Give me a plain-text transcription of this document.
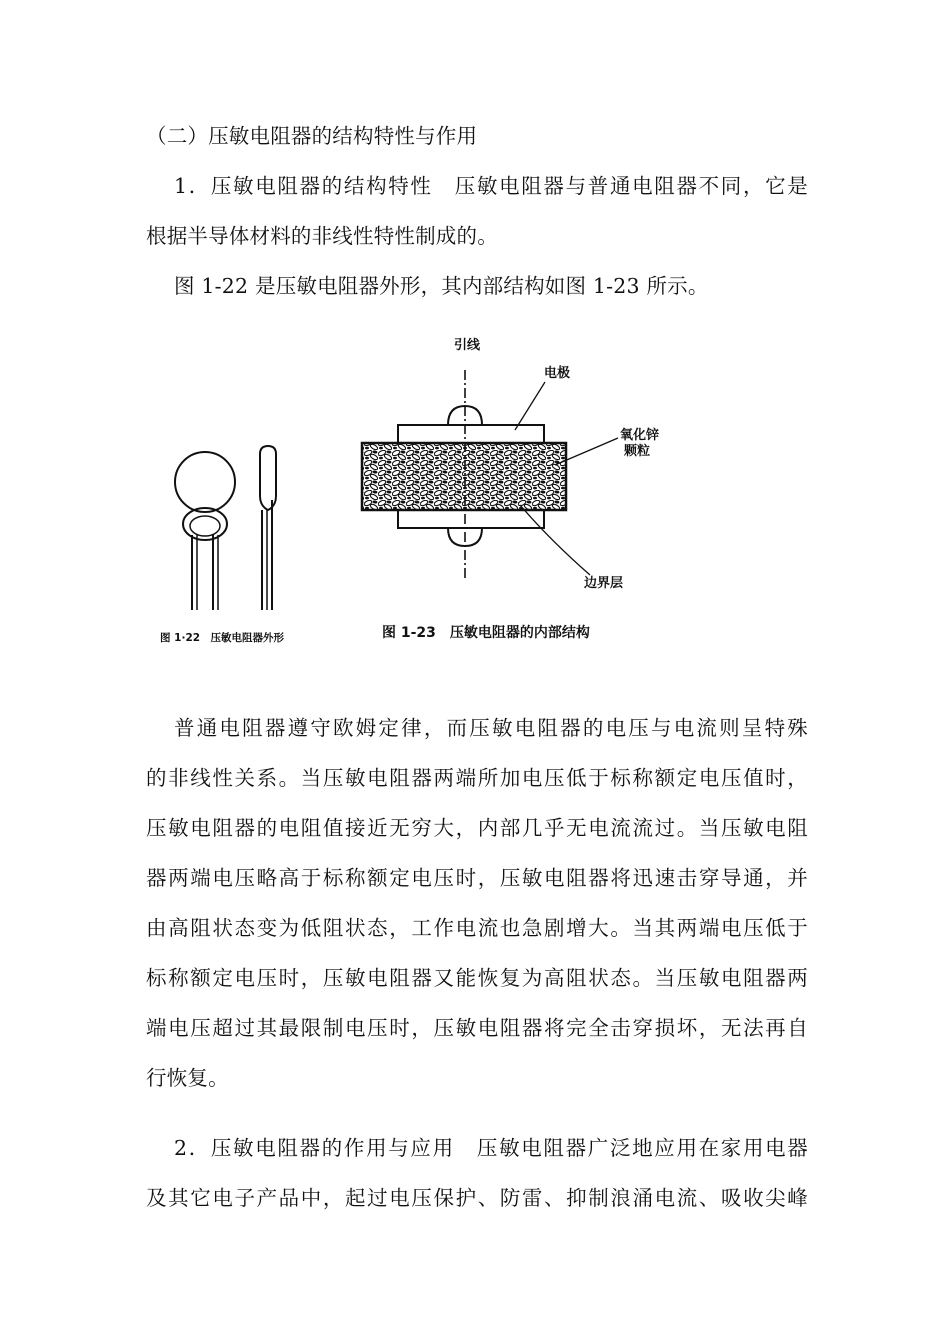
（二）压敏电阻器的结构特性与作用
1．压敏电阻器的结构特性　压敏电阻器与普通电阻器不同，它是
根据半导体材料的非线性特性制成的。
图 1-22 是压敏电阻器外形，其内部结构如图 1-23 所示。
图 1·22　压敏电阻器外形
引线
电极
氧化锌
颗粒
边界层
图 1-23　压敏电阻器的内部结构
普通电阻器遵守欧姆定律，而压敏电阻器的电压与电流则呈特殊
的非线性关系。当压敏电阻器两端所加电压低于标称额定电压值时，
压敏电阻器的电阻值接近无穷大，内部几乎无电流流过。当压敏电阻
器两端电压略高于标称额定电压时，压敏电阻器将迅速击穿导通，并
由高阻状态变为低阻状态，工作电流也急剧增大。当其两端电压低于
标称额定电压时，压敏电阻器又能恢复为高阻状态。当压敏电阻器两
端电压超过其最限制电压时，压敏电阻器将完全击穿损坏，无法再自
行恢复。
2．压敏电阻器的作用与应用　压敏电阻器广泛地应用在家用电器
及其它电子产品中，起过电压保护、防雷、抑制浪涌电流、吸收尖峰
